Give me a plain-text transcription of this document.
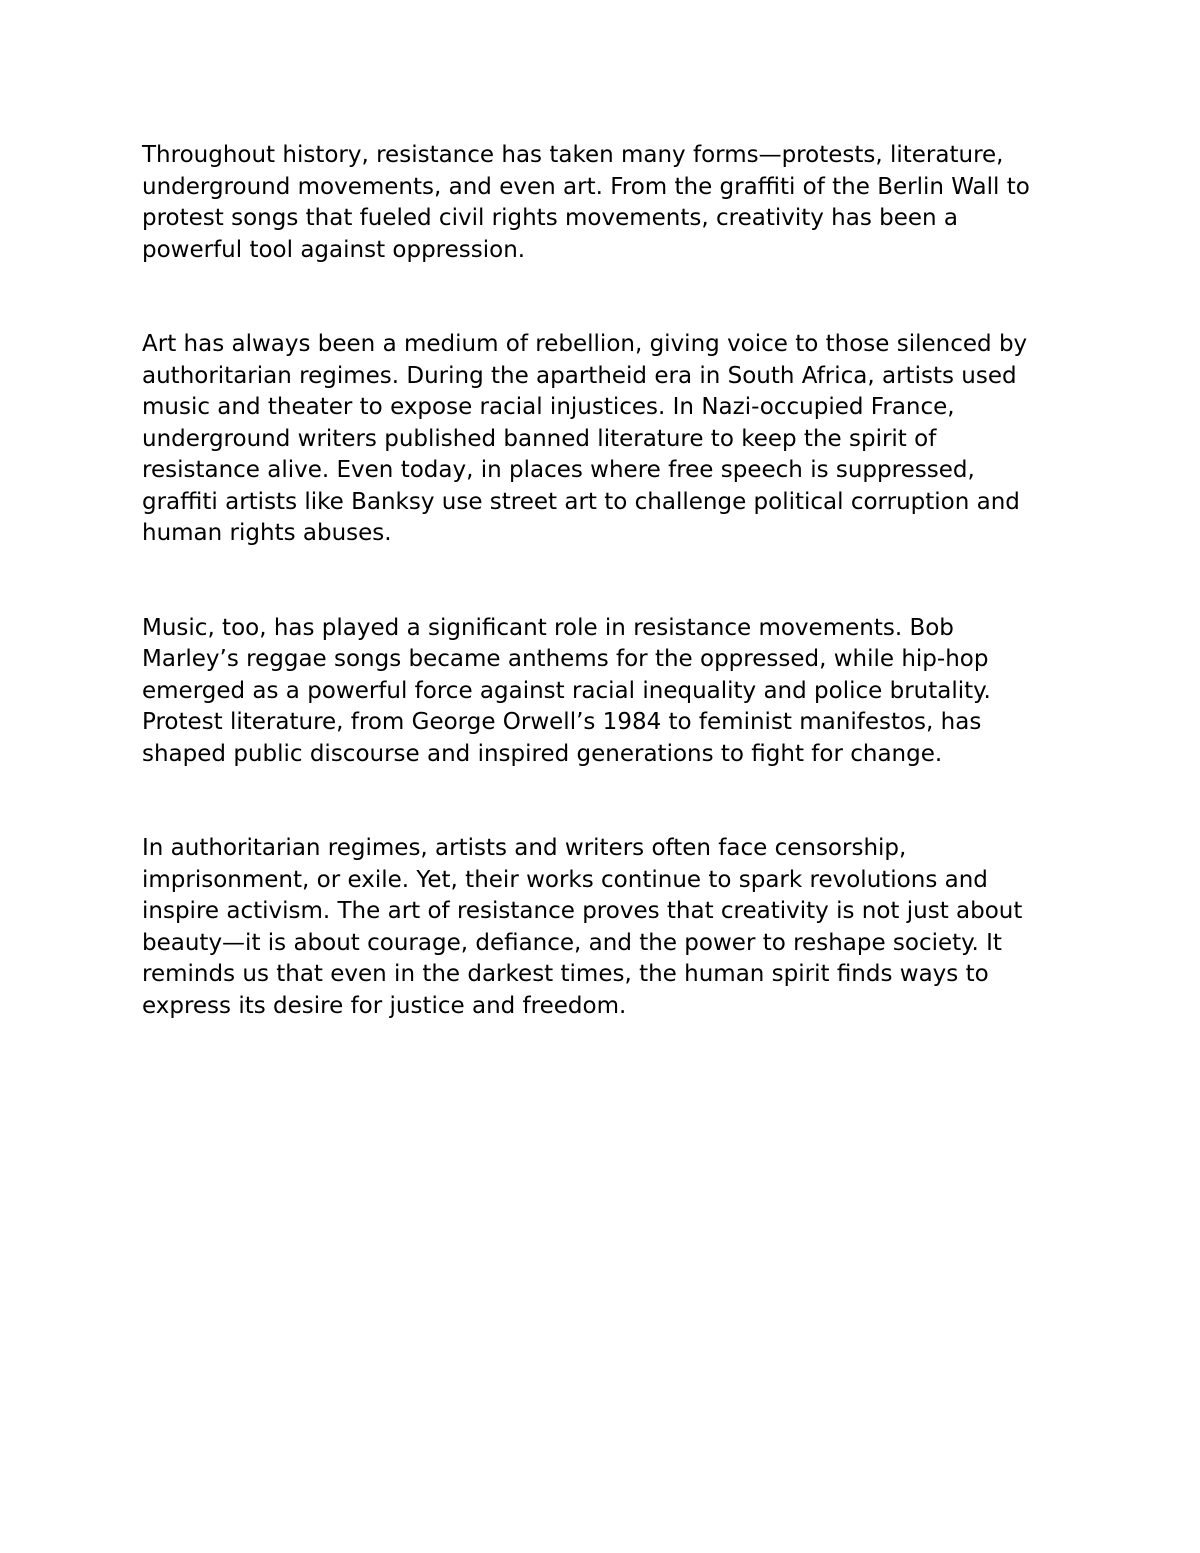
Throughout history, resistance has taken many forms—protests, literature,
underground movements, and even art. From the graffiti of the Berlin Wall to
protest songs that fueled civil rights movements, creativity has been a
powerful tool against oppression.

Art has always been a medium of rebellion, giving voice to those silenced by
authoritarian regimes. During the apartheid era in South Africa, artists used
music and theater to expose racial injustices. In Nazi-occupied France,
underground writers published banned literature to keep the spirit of
resistance alive. Even today, in places where free speech is suppressed,
graffiti artists like Banksy use street art to challenge political corruption and
human rights abuses.

Music, too, has played a significant role in resistance movements. Bob
Marley’s reggae songs became anthems for the oppressed, while hip-hop
emerged as a powerful force against racial inequality and police brutality.
Protest literature, from George Orwell’s 1984 to feminist manifestos, has
shaped public discourse and inspired generations to fight for change.

In authoritarian regimes, artists and writers often face censorship,
imprisonment, or exile. Yet, their works continue to spark revolutions and
inspire activism. The art of resistance proves that creativity is not just about
beauty—it is about courage, defiance, and the power to reshape society. It
reminds us that even in the darkest times, the human spirit finds ways to
express its desire for justice and freedom.
